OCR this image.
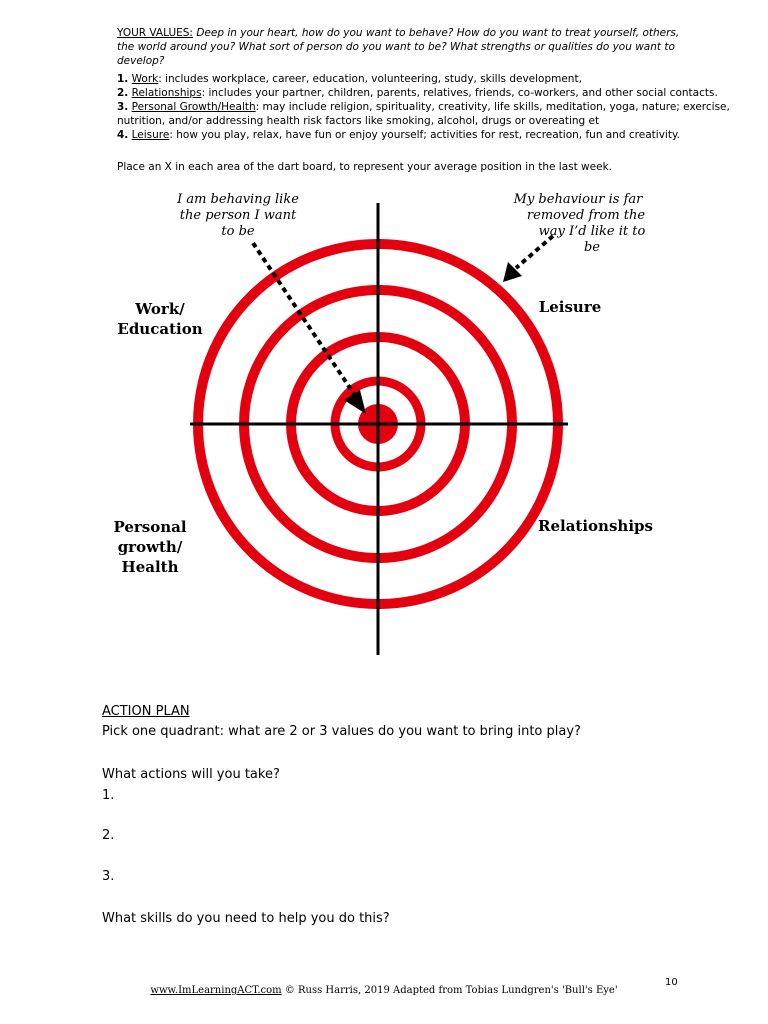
YOUR VALUES: Deep in your heart, how do you want to behave? How do you want to treat yourself, others, the world around you? What sort of person do you want to be? What strengths or qualities do you want to develop?
1. Work: includes workplace, career, education, volunteering, study, skills development,
2. Relationships: includes your partner, children, parents, relatives, friends, co-workers, and other social contacts.
3. Personal Growth/Health: may include religion, spirituality, creativity, life skills, meditation, yoga, nature; exercise,
nutrition, and/or addressing health risk factors like smoking, alcohol, drugs or overeating et
4. Leisure: how you play, relax, have fun or enjoy yourself; activities for rest, recreation, fun and creativity.
Place an X in each area of the dart board, to represent your average position in the last week.
I am behaving like
the person I want
to be
My behaviour is far
removed from the
way I’d like it to be
Work/
Education
Leisure
Personal growth/
Health
Relationships
ACTION PLAN
Pick one quadrant: what are 2 or 3 values do you want to bring into play?
What actions will you take?
1.
2.
3.
What skills do you need to help you do this?
10
www.ImLearningACT.com © Russ Harris, 2019 Adapted from Tobias Lundgren's 'Bull's Eye'
